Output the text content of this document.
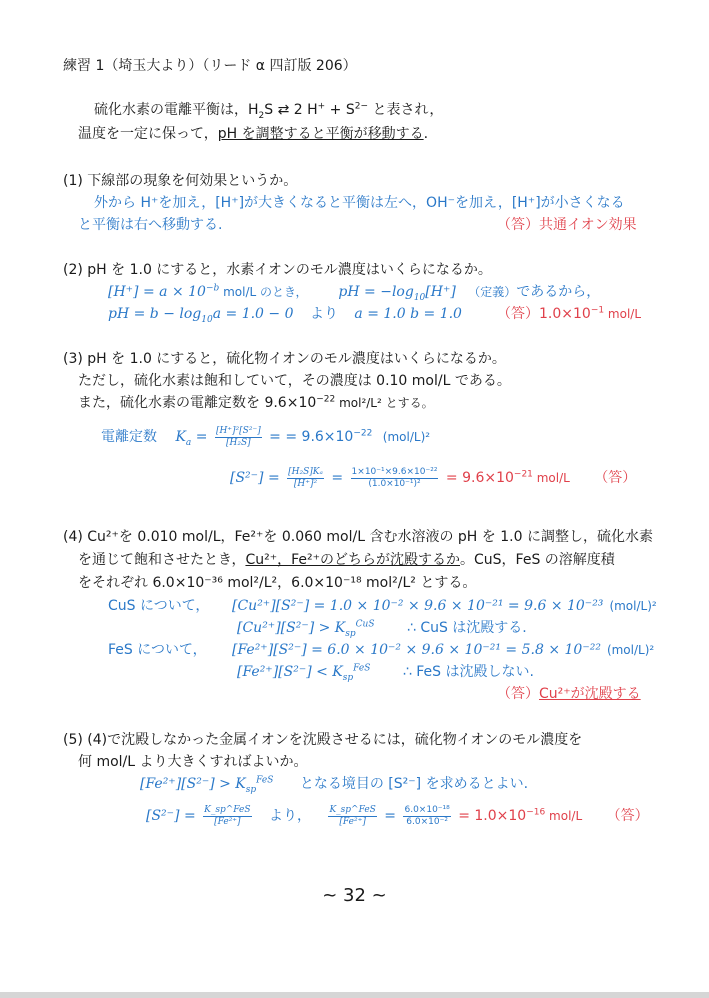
練習 1（埼玉大より）（リード α 四訂版 206）
硫化水素の電離平衡は，$H_2S$ ⇄ 2 $H^+ + S^{2-}$ と表され，
温度を一定に保って，pH を調整すると平衡が移動する.
(1) 下線部の現象を何効果というか。
外から H⁺を加え，[H⁺]が大きくなると平衡は左へ，OH⁻を加え，[H⁺]が小さくなる
と平衡は右へ移動する.	（答）共通イオン効果
(2) pH を 1.0 にすると，水素イオンのモル濃度はいくらになるか。
$[H^+] = a \times 10^{-b}$ mol/L のとき， pH = $-\log_{10}[H^+]$ （定義）であるから，
pH = $b - \log_{10}a = 1.0 - 0$ より a = 1.0 b = 1.0	（答）$1.0\times 10^{-1}$ mol/L
(3) pH を 1.0 にすると，硫化物イオンのモル濃度はいくらになるか。
ただし，硫化水素は飽和していて，その濃度は 0.10 mol/L である。
また，硫化水素の電離定数を $9.6\times 10^{-22}$ mol²/L² とする。
電離定数 $K_a = \frac{\text{[H⁺]²[S²⁻]}}{\text{[H₂S]}}$ = = $9.6\times 10^{-22}$ (mol/L)²
$[S^{2-}] = \frac{\text{[H₂S]Kₐ}}{\text{[H⁺]²}} = \frac{\text{1×10⁻¹×9.6×10⁻²²}}{\text{(1.0×10⁻¹)²}} = 9.6\times 10^{-21}$ mol/L （答）
(4) Cu²⁺を 0.010 mol/L，Fe²⁺を 0.060 mol/L 含む水溶液の pH を 1.0 に調整し，硫化水素
を通じて飽和させたとき，Cu²⁺，Fe²⁺のどちらが沈殿するか。CuS，FeS の溶解度積
をそれぞれ 6.0×10⁻³⁶ mol²/L²，6.0×10⁻¹⁸ mol²/L² とする。
CuS について， [Cu²⁺][S²⁻] = 1.0 × 10⁻² × 9.6 × 10⁻²¹ = 9.6 × 10⁻²³ (mol/L)²
$[Cu^{2+}][S^{2-}] > K_{sp}^{CuS}$ ∴ CuS は沈殿する.
FeS について， [Fe²⁺][S²⁻] = 6.0 × 10⁻² × 9.6 × 10⁻²¹ = 5.8 × 10⁻²² (mol/L)²
$[Fe^{2+}][S^{2-}] < K_{sp}^{FeS}$ ∴ FeS は沈殿しない.
（答）Cu²⁺が沈殿する
(5) (4)で沈殿しなかった金属イオンを沈殿させるには，硫化物イオンのモル濃度を
何 mol/L より大きくすればよいか。
$[Fe^{2+}][S^{2-}] > K_{sp}^{FeS}$ となる境目の [S²⁻] を求めるとよい.
$[S^{2-}] = \frac{\text{K\_sp\textasciicircum{}FeS}}{\text{[Fe²⁺]}}$ より， $\frac{\text{K\_sp\textasciicircum{}FeS}}{\text{[Fe²⁺]}} = \frac{\text{6.0×10⁻¹⁸}}{\text{6.0×10⁻²}} = 1.0\times 10^{-16}$ mol/L （答）
~ 32 ~
